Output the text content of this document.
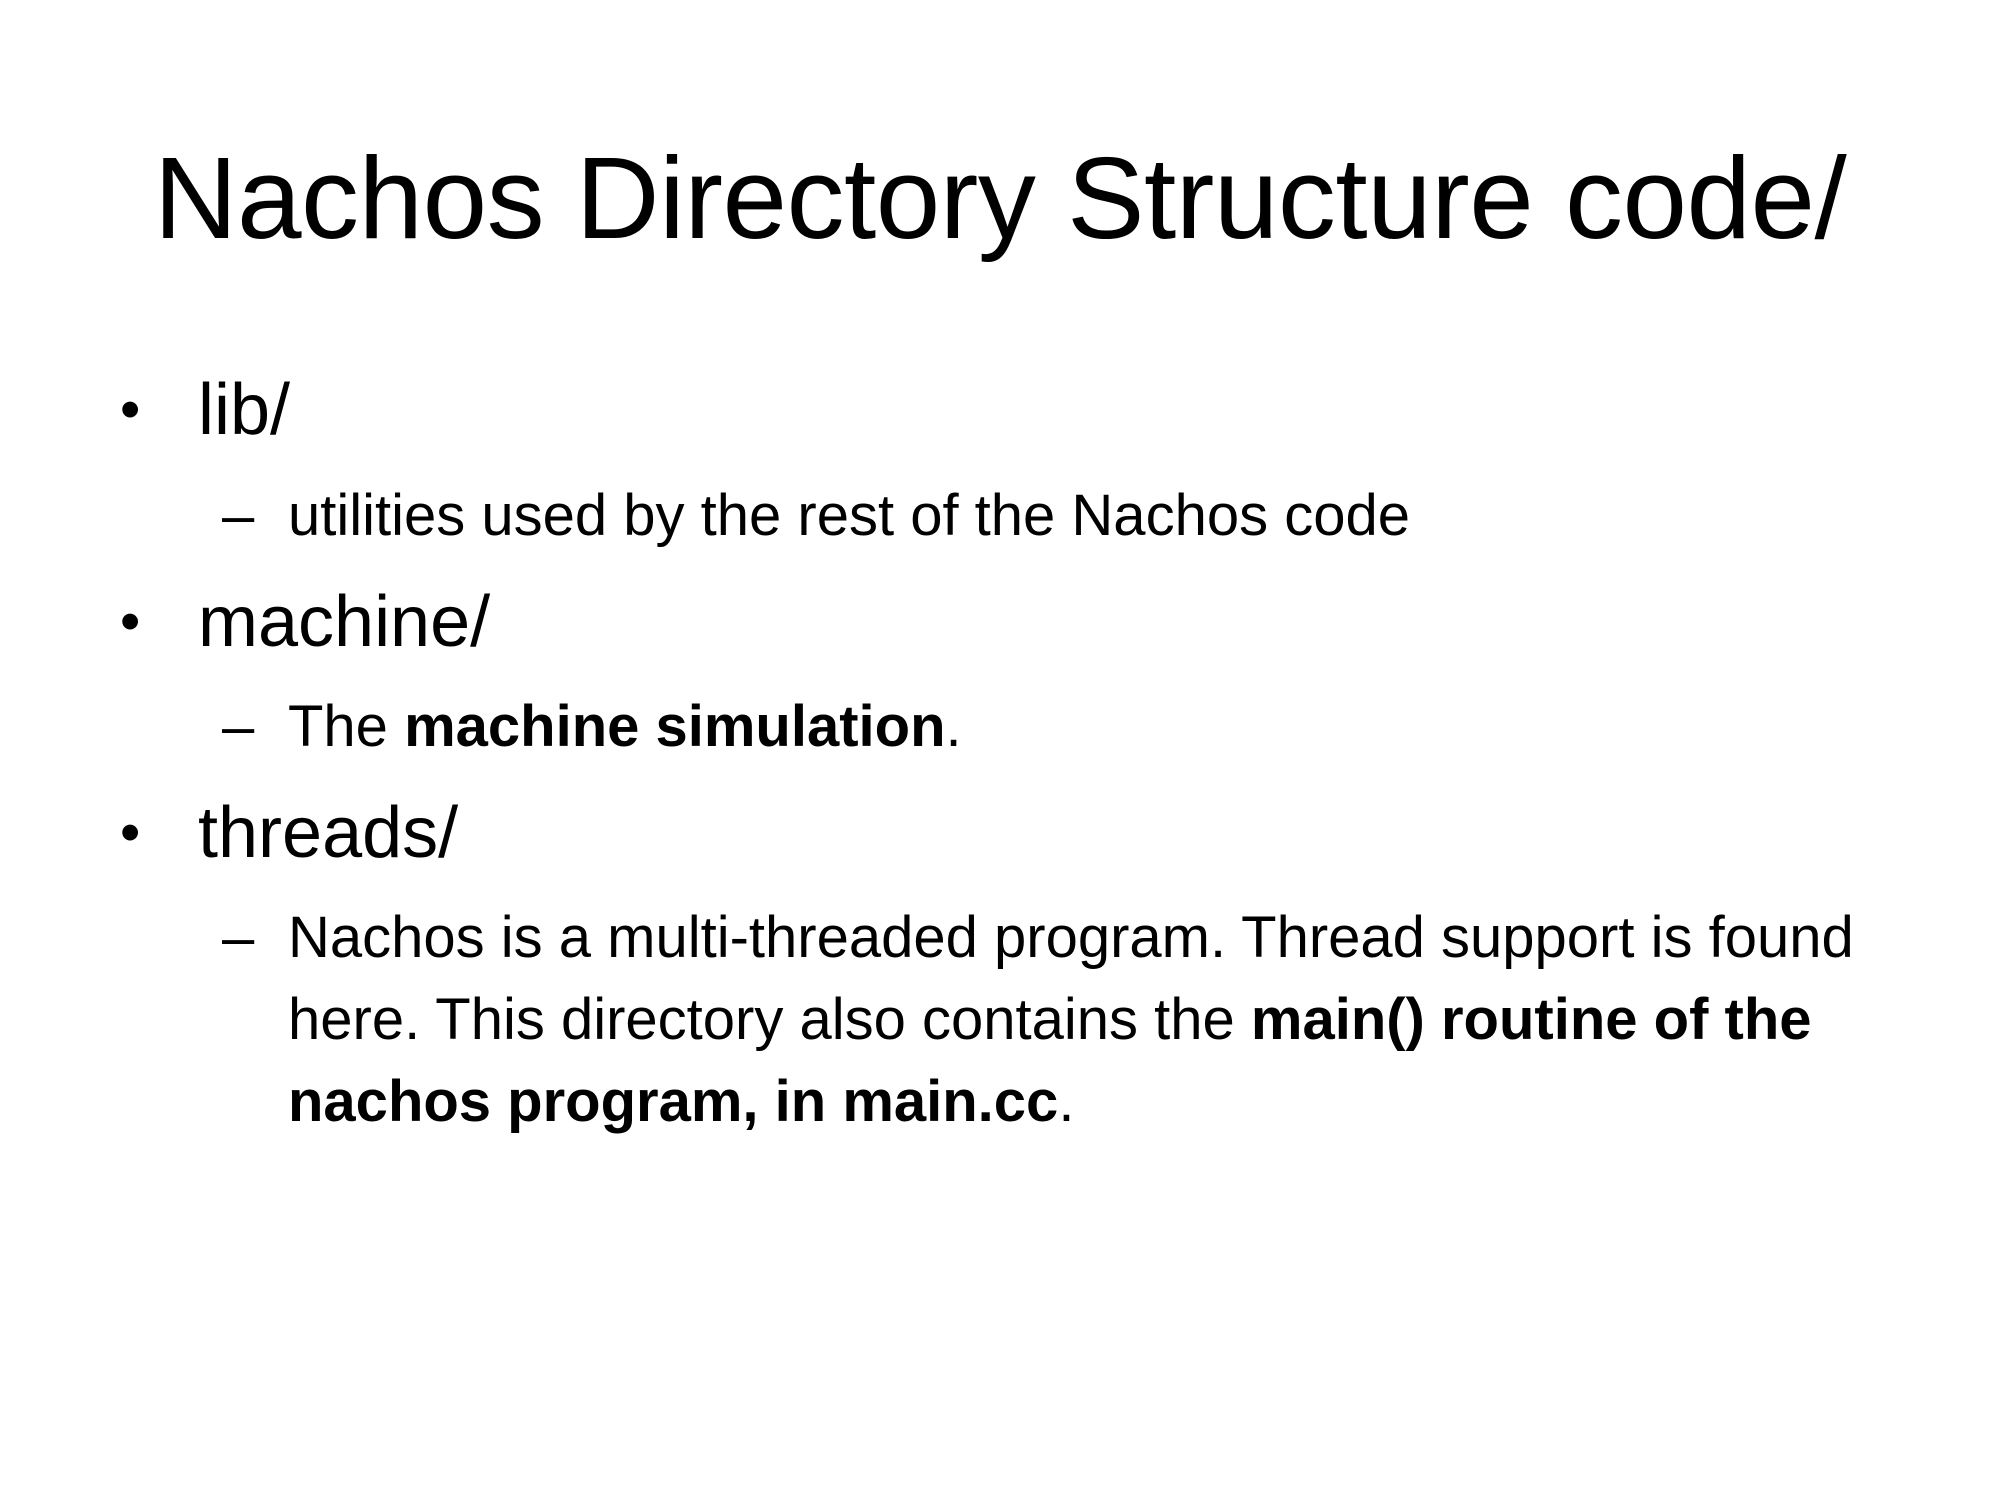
Nachos Directory Structure code/
• lib/
– utilities used by the rest of the Nachos code
• machine/
– The machine simulation.
• threads/
– Nachos is a multi-threaded program. Thread support is found here. This directory also contains the main() routine of the nachos program, in main.cc.
